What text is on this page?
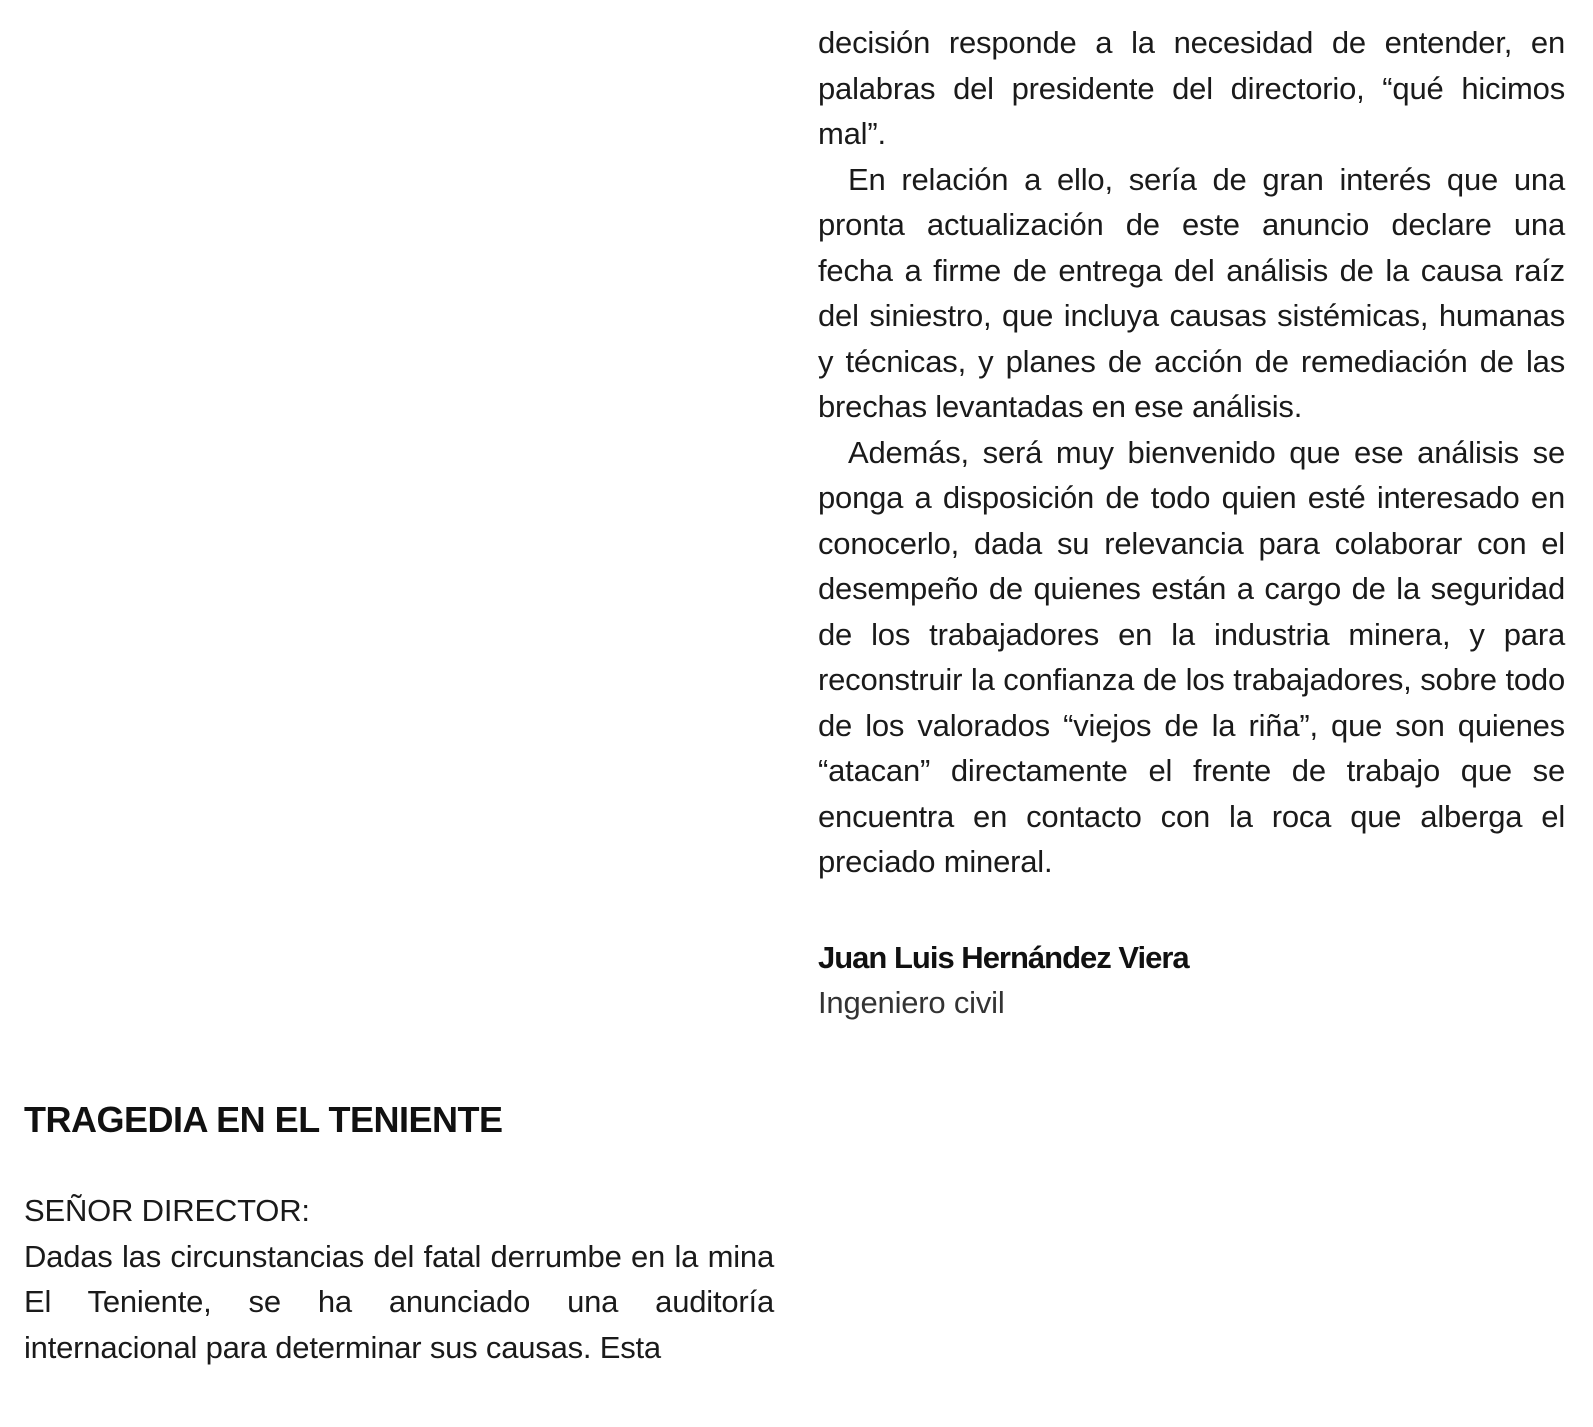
decisión responde a la necesidad de entender, en palabras del presidente del directorio, “qué hicimos mal”.

En relación a ello, sería de gran interés que una pronta actualización de este anuncio declare una fecha a firme de entrega del análisis de la causa raíz del siniestro, que incluya causas sistémicas, humanas y técnicas, y planes de acción de remediación de las brechas levantadas en ese análisis.

Además, será muy bienvenido que ese análisis se ponga a disposición de todo quien esté interesado en conocerlo, dada su relevancia para colaborar con el desempeño de quienes están a cargo de la seguridad de los trabajadores en la industria minera, y para reconstruir la confianza de los trabajadores, sobre todo de los valorados “viejos de la riña”, que son quienes “atacan” directamente el frente de trabajo que se encuentra en contacto con la roca que alberga el preciado mineral.

Juan Luis Hernández Viera
Ingeniero civil
TRAGEDIA EN EL TENIENTE
SEÑOR DIRECTOR:

Dadas las circunstancias del fatal derrumbe en la mina El Teniente, se ha anunciado una auditoría internacional para determinar sus causas. Esta
